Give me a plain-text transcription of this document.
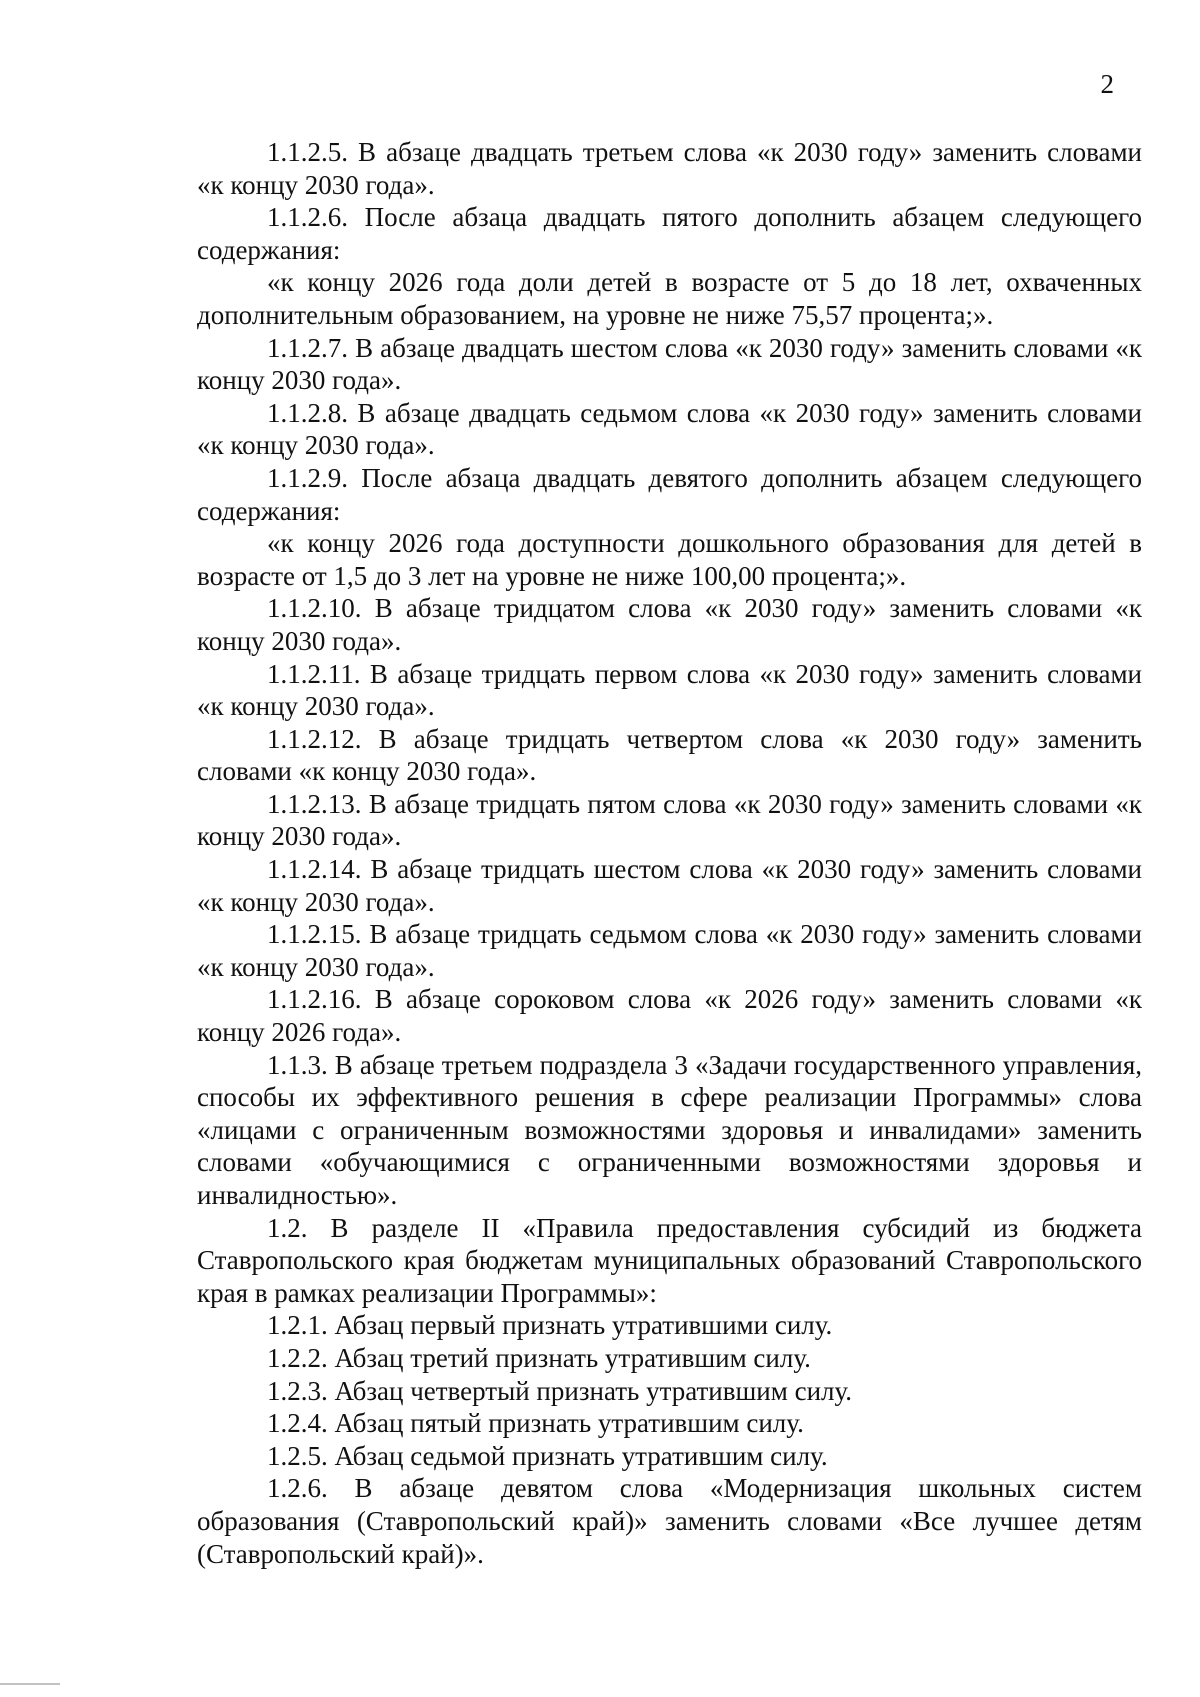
2

1.1.2.5. В абзаце двадцать третьем слова «к 2030 году» заменить словами «к концу 2030 года».

1.1.2.6. После абзаца двадцать пятого дополнить абзацем следующего содержания:

«к концу 2026 года доли детей в возрасте от 5 до 18 лет, охваченных дополнительным образованием, на уровне не ниже 75,57 процента;».

1.1.2.7. В абзаце двадцать шестом слова «к 2030 году» заменить словами «к концу 2030 года».

1.1.2.8. В абзаце двадцать седьмом слова «к 2030 году» заменить словами «к концу 2030 года».

1.1.2.9. После абзаца двадцать девятого дополнить абзацем следующего содержания:

«к концу 2026 года доступности дошкольного образования для детей в возрасте от 1,5 до 3 лет на уровне не ниже 100,00 процента;».

1.1.2.10. В абзаце тридцатом слова «к 2030 году» заменить словами «к концу 2030 года».

1.1.2.11. В абзаце тридцать первом слова «к 2030 году» заменить словами «к концу 2030 года».

1.1.2.12. В абзаце тридцать четвертом слова «к 2030 году» заменить словами «к концу 2030 года».

1.1.2.13. В абзаце тридцать пятом слова «к 2030 году» заменить словами «к концу 2030 года».

1.1.2.14. В абзаце тридцать шестом слова «к 2030 году» заменить словами «к концу 2030 года».

1.1.2.15. В абзаце тридцать седьмом слова «к 2030 году» заменить словами «к концу 2030 года».

1.1.2.16. В абзаце сороковом слова «к 2026 году» заменить словами «к концу 2026 года».

1.1.3. В абзаце третьем подраздела 3 «Задачи государственного управления, способы их эффективного решения в сфере реализации Программы» слова «лицами с ограниченным возможностями здоровья и инвалидами» заменить словами «обучающимися с ограниченными возможностями здоровья и инвалидностью».

1.2. В разделе II «Правила предоставления субсидий из бюджета Ставропольского края бюджетам муниципальных образований Ставропольского края в рамках реализации Программы»:

1.2.1. Абзац первый признать утратившими силу.

1.2.2. Абзац третий признать утратившим силу.

1.2.3. Абзац четвертый признать утратившим силу.

1.2.4. Абзац пятый признать утратившим силу.

1.2.5. Абзац седьмой признать утратившим силу.

1.2.6. В абзаце девятом слова «Модернизация школьных систем образования (Ставропольский край)» заменить словами «Все лучшее детям (Ставропольский край)».
